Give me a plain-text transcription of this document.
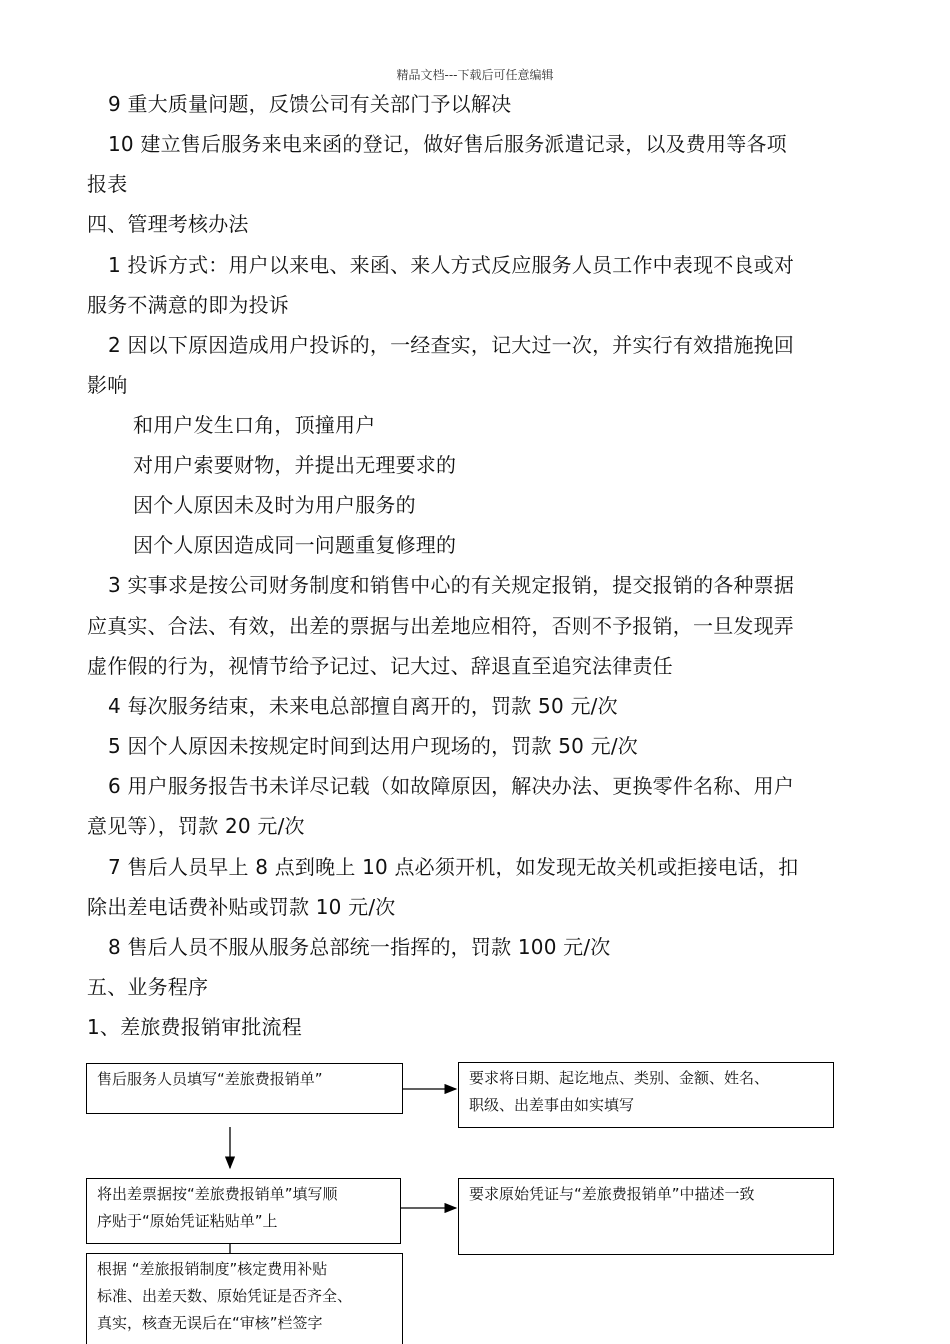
精品文档---下载后可任意编辑
9 重大质量问题，反馈公司有关部门予以解决
10 建立售后服务来电来函的登记，做好售后服务派遣记录，以及费用等各项
报表
四、管理考核办法
1 投诉方式：用户以来电、来函、来人方式反应服务人员工作中表现不良或对
服务不满意的即为投诉
2 因以下原因造成用户投诉的，一经查实，记大过一次，并实行有效措施挽回
影响
和用户发生口角，顶撞用户
对用户索要财物，并提出无理要求的
因个人原因未及时为用户服务的
因个人原因造成同一问题重复修理的
3 实事求是按公司财务制度和销售中心的有关规定报销，提交报销的各种票据
应真实、合法、有效，出差的票据与出差地应相符，否则不予报销，一旦发现弄
虚作假的行为，视情节给予记过、记大过、辞退直至追究法律责任
4 每次服务结束，未来电总部擅自离开的，罚款 50 元/次
5 因个人原因未按规定时间到达用户现场的，罚款 50 元/次
6 用户服务报告书未详尽记载（如故障原因，解决办法、更换零件名称、用户
意见等），罚款 20 元/次
7 售后人员早上 8 点到晚上 10 点必须开机，如发现无故关机或拒接电话，扣
除出差电话费补贴或罚款 10 元/次
8 售后人员不服从服务总部统一指挥的，罚款 100 元/次
五、业务程序
1、差旅费报销审批流程
售后服务人员填写“差旅费报销单”	要求将日期、起讫地点、类别、金额、姓名、
职级、出差事由如实填写
将出差票据按“差旅费报销单”填写顺
序贴于“原始凭证粘贴单”上
要求原始凭证与“差旅费报销单”中描述一致
根据 “差旅报销制度”核定费用补贴
标准、出差天数、原始凭证是否齐全、
真实，核查无误后在“审核”栏签字
